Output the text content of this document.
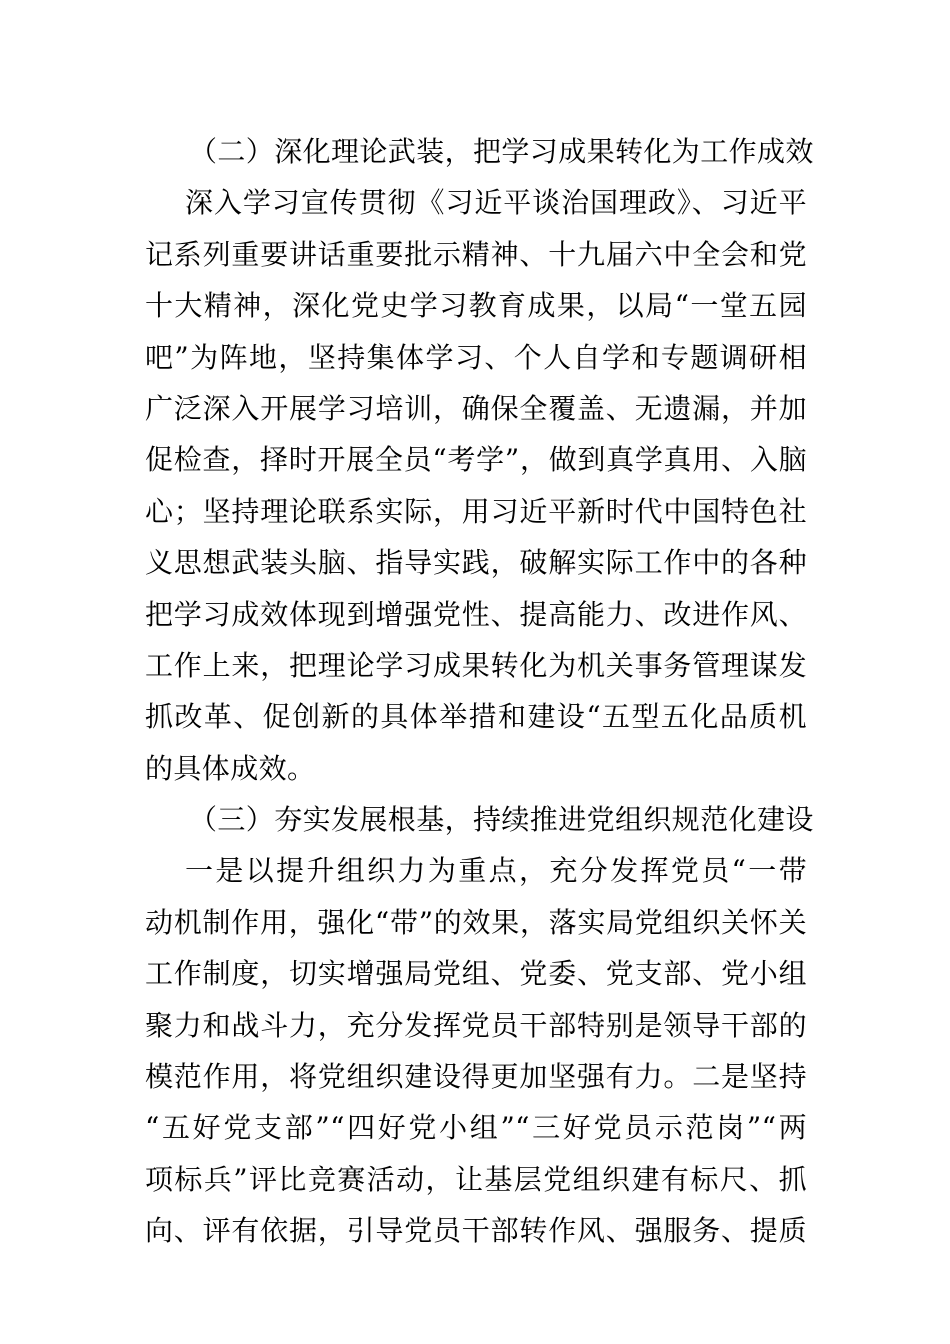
（二）深化理论武装，把学习成果转化为工作成效
深入学习宣传贯彻《习近平谈治国理政》、习近平
记系列重要讲话重要批示精神、十九届六中全会和党
十大精神，深化党史学习教育成果，以局“一堂五园
吧”为阵地，坚持集体学习、个人自学和专题调研相
广泛深入开展学习培训，确保全覆盖、无遗漏，并加
促检查，择时开展全员“考学”，做到真学真用、入脑
心；坚持理论联系实际，用习近平新时代中国特色社
义思想武装头脑、指导实践，破解实际工作中的各种
把学习成效体现到增强党性、提高能力、改进作风、
工作上来，把理论学习成果转化为机关事务管理谋发
抓改革、促创新的具体举措和建设“五型五化品质机
的具体成效。
（三）夯实发展根基，持续推进党组织规范化建设
一是以提升组织力为重点，充分发挥党员“一带
动机制作用，强化“带”的效果，落实局党组织关怀关
工作制度，切实增强局党组、党委、党支部、党小组
聚力和战斗力，充分发挥党员干部特别是领导干部的
模范作用，将党组织建设得更加坚强有力。二是坚持
“五好党支部”“四好党小组”“三好党员示范岗”“两
项标兵”评比竞赛活动，让基层党组织建有标尺、抓
向、评有依据，引导党员干部转作风、强服务、提质
